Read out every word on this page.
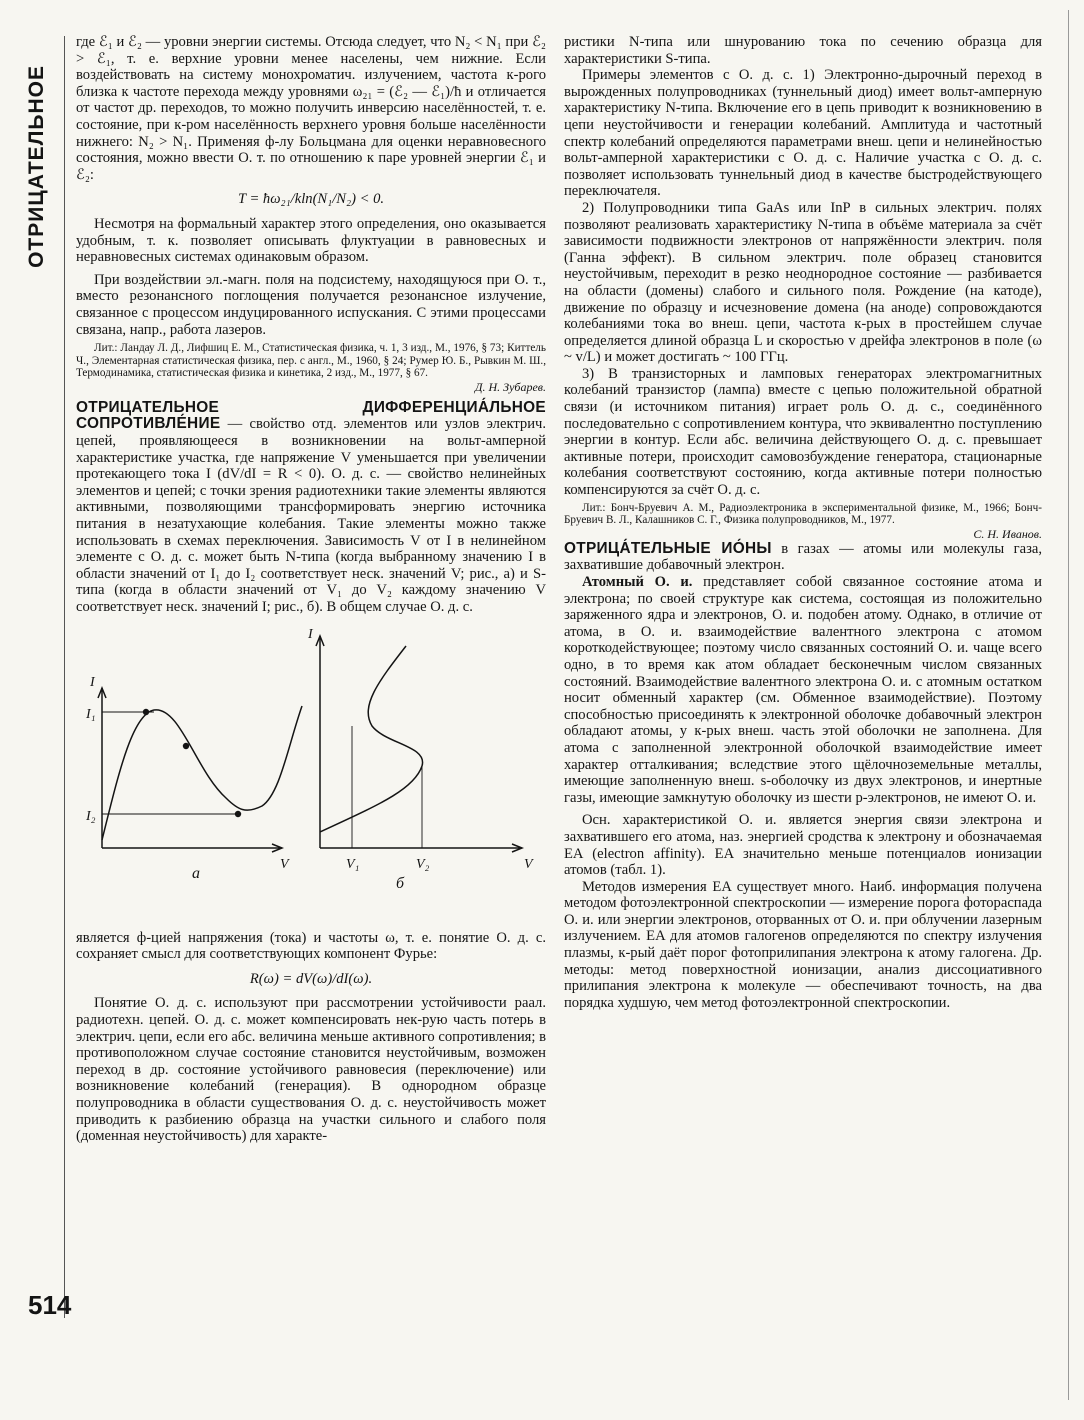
ОТРИЦАТЕЛЬНОЕ
514

где ℰ₁ и ℰ₂ — уровни энергии системы. Отсюда следует, что N₂ < N₁ при ℰ₂ > ℰ₁, т. е. верхние уровни менее населены, чем нижние. Если воздействовать на систему монохроматич. излучением, частота к-рого близка к частоте перехода между уровнями ω₂₁ = (ℰ₂ — ℰ₁)/ħ и отличается от частот др. переходов, то можно получить инверсию населённостей, т. е. состояние, при к-ром населённость верхнего уровня больше населённости нижнего: N₂ > N₁. Применяя ф-лу Больцмана для оценки неравновесного состояния, можно ввести О. т. по отношению к паре уровней энергии ℰ₁ и ℰ₂:

T = ħω₂₁/kln(N₁/N₂) < 0.

Несмотря на формальный характер этого определения, оно оказывается удобным, т. к. позволяет описывать флуктуации в равновесных и неравновесных системах одинаковым образом.

При воздействии эл.-магн. поля на подсистему, находящуюся при О. т., вместо резонансного поглощения получается резонансное излучение, связанное с процессом индуцированного испускания. С этими процессами связана, напр., работа лазеров.

Лит.: Ландау Л. Д., Лифшиц Е. М., Статистическая физика, ч. 1, 3 изд., М., 1976, § 73; Киттель Ч., Элементарная статистическая физика, пер. с англ., М., 1960, § 24; Румер Ю. Б., Рывкин М. Ш., Термодинамика, статистическая физика и кинетика, 2 изд., М., 1977, § 67.

Д. Н. Зубарев.

ОТРИЦАТЕЛЬНОЕ ДИФФЕРЕНЦИА́ЛЬНОЕ СОПРОТИВЛЕ́НИЕ — свойство отд. элементов или узлов электрич. цепей, проявляющееся в возникновении на вольт-амперной характеристике участка, где напряжение V уменьшается при увеличении протекающего тока I (dV/dI = R < 0). О. д. с. — свойство нелинейных элементов и цепей; с точки зрения радиотехники такие элементы являются активными, позволяющими трансформировать энергию источника питания в незатухающие колебания. Такие элементы можно также использовать в схемах переключения. Зависимость V от I в нелинейном элементе с О. д. с. может быть N-типа (когда выбранному значению I в области значений от I₁ до I₂ соответствует неск. значений V; рис., а) и S-типа (когда в области значений от V₁ до V₂ каждому значению V соответствует неск. значений I; рис., б). В общем случае О. д. с.

I
I₁
I₂
V
а
I
V₁	V₂	V
б

является ф-цией напряжения (тока) и частоты ω, т. е. понятие О. д. с. сохраняет смысл для соответствующих компонент Фурье:

R(ω) = dV(ω)/dI(ω).

Понятие О. д. с. используют при рассмотрении устойчивости раал. радиотехн. цепей. О. д. с. может компенсировать нек-рую часть потерь в электрич. цепи, если его абс. величина меньше активного сопротивления; в противоположном случае состояние становится неустойчивым, возможен переход в др. состояние устойчивого равновесия (переключение) или возникновение колебаний (генерация). В однородном образце полупроводника в области существования О. д. с. неустойчивость может приводить к разбиению образца на участки сильного и слабого поля (доменная неустойчивость) для характе-

ристики N-типа или шнурованию тока по сечению образца для характеристики S-типа.

Примеры элементов с О. д. с. 1) Электронно-дырочный переход в вырожденных полупроводниках (туннельный диод) имеет вольт-амперную характеристику N-типа. Включение его в цепь приводит к возникновению в цепи неустойчивости и генерации колебаний. Амплитуда и частотный спектр колебаний определяются параметрами внеш. цепи и нелинейностью вольт-амперной характеристики с О. д. с. Наличие участка с О. д. с. позволяет использовать туннельный диод в качестве быстродействующего переключателя.

2) Полупроводники типа GaAs или InP в сильных электрич. полях позволяют реализовать характеристику N-типа в объёме материала за счёт зависимости подвижности электронов от напряжённости электрич. поля (Ганна эффект). В сильном электрич. поле образец становится неустойчивым, переходит в резко неоднородное состояние — разбивается на области (домены) слабого и сильного поля. Рождение (на катоде), движение по образцу и исчезновение домена (на аноде) сопровождаются колебаниями тока во внеш. цепи, частота к-рых в простейшем случае определяется длиной образца L и скоростью v дрейфа электронов в поле (ω ~ v/L) и может достигать ~ 100 ГГц.

3) В транзисторных и ламповых генераторах электромагнитных колебаний транзистор (лампа) вместе с цепью положительной обратной связи (и источником питания) играет роль О. д. с., соединённого последовательно с сопротивлением контура, что эквивалентно поступлению энергии в контур. Если абс. величина действующего О. д. с. превышает активные потери, происходит самовозбуждение генератора, стационарные колебания соответствуют состоянию, когда активные потери полностью компенсируются за счёт О. д. с.

Лит.: Бонч-Бруевич А. М., Радиоэлектроника в экспериментальной физике, М., 1966; Бонч-Бруевич В. Л., Калашников С. Г., Физика полупроводников, М., 1977.

С. Н. Иванов.

ОТРИЦА́ТЕЛЬНЫЕ ИО́НЫ в газах — атомы или молекулы газа, захватившие добавочный электрон.

Атомный О. и. представляет собой связанное состояние атома и электрона; по своей структуре как система, состоящая из положительно заряженного ядра и электронов, О. и. подобен атому. Однако, в отличие от атома, в О. и. взаимодействие валентного электрона с атомом короткодействующее; поэтому число связанных состояний О. и. чаще всего одно, в то время как атом обладает бесконечным числом связанных состояний. Взаимодействие валентного электрона О. и. с атомным остатком носит обменный характер (см. Обменное взаимодействие). Поэтому способностью присоединять к электронной оболочке добавочный электрон обладают атомы, у к-рых внеш. часть этой оболочки не заполнена. Для атома с заполненной электронной оболочкой взаимодействие имеет характер отталкивания; вследствие этого щёлочноземельные металлы, имеющие заполненную внеш. s-оболочку из двух электронов, и инертные газы, имеющие замкнутую оболочку из шести p-электронов, не имеют О. и.

Осн. характеристикой О. и. является энергия связи электрона и захватившего его атома, наз. энергией сродства к электрону и обозначаемая EA (electron affinity). EA значительно меньше потенциалов ионизации атомов (табл. 1).

Методов измерения EA существует много. Наиб. информация получена методом фотоэлектронной спектроскопии — измерение порога фотораспада О. и. или энергии электронов, оторванных от О. и. при облучении лазерным излучением. EA для атомов галогенов определяются по спектру излучения плазмы, к-рый даёт порог фотоприлипания электрона к атому галогена. Др. методы: метод поверхностной ионизации, анализ диссоциативного прилипания электрона к молекуле — обеспечивают точность, на два порядка худшую, чем метод фотоэлектронной спектроскопии.
